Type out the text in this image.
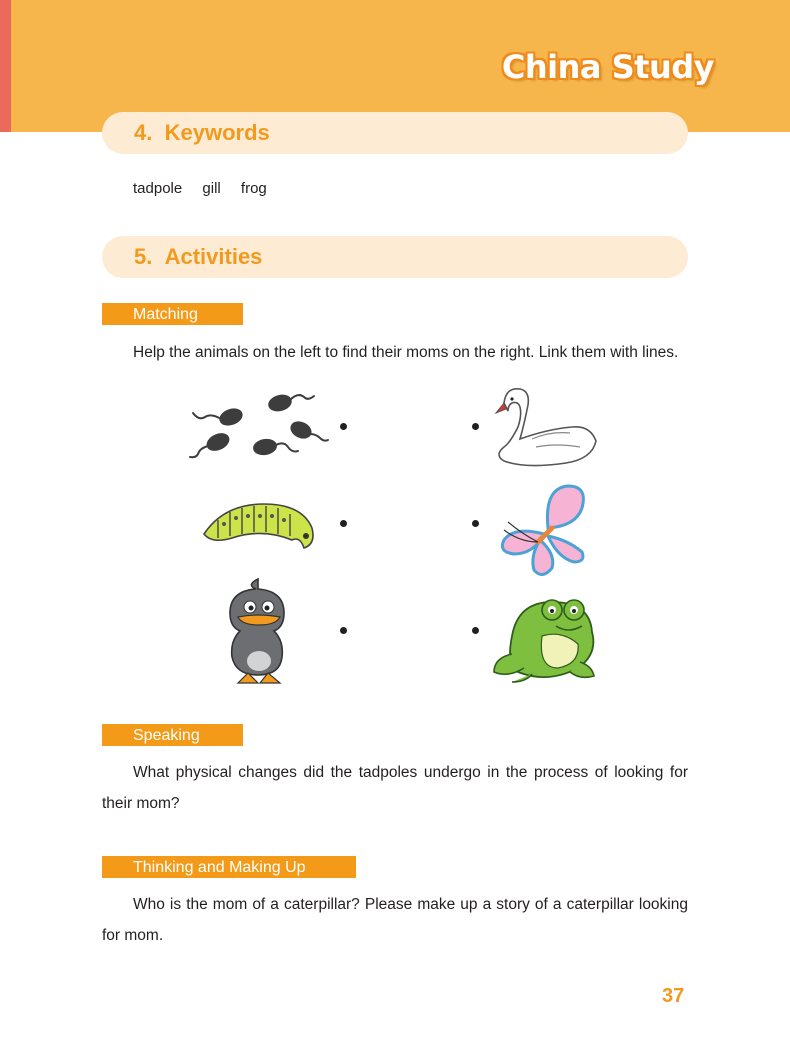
China Study
4. Keywords
tadpole gill frog
5. Activities
Matching
Help the animals on the left to find their moms on the right. Link them with lines.
Speaking
What physical changes did the tadpoles undergo in the process of looking for their mom?
Thinking and Making Up
Who is the mom of a caterpillar? Please make up a story of a caterpillar looking for mom.
37
